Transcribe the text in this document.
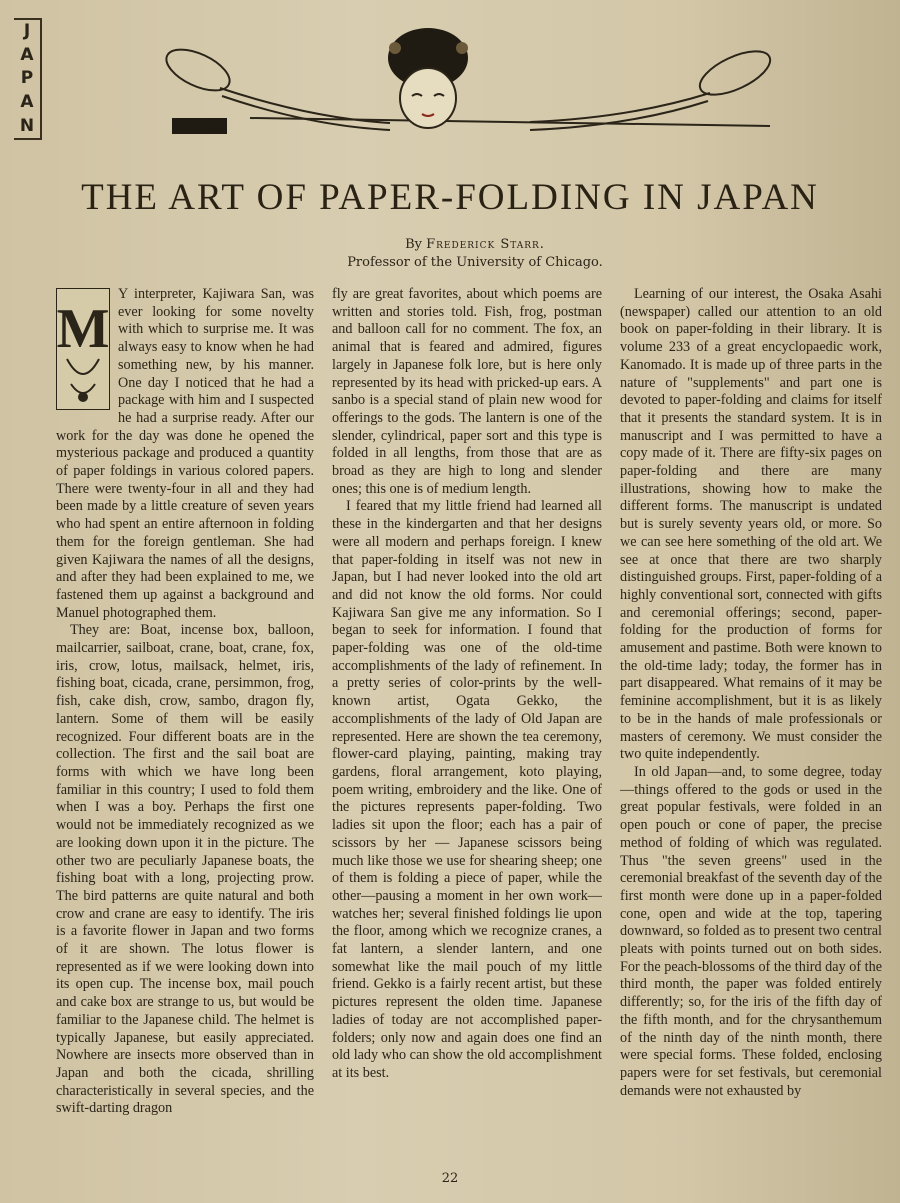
J
A
P
A
N
THE ART OF PAPER-FOLDING IN JAPAN
By Frederick Starr.
Professor of the University of Chicago.
M

Y interpreter, Kajiwara San, was ever looking for some novelty with which to surprise me. It was always easy to know when he had something new, by his manner. One day I noticed that he had a package with him and I suspected he had a surprise ready. After our work for the day was done he opened the mysterious package and produced a quantity of paper foldings in various colored papers. There were twenty-four in all and they had been made by a little creature of seven years who had spent an entire afternoon in folding them for the foreign gentleman. She had given Kajiwara the names of all the designs, and after they had been explained to me, we fastened them up against a background and Manuel photographed them.

They are: Boat, incense box, balloon, mailcarrier, sailboat, crane, boat, crane, fox, iris, crow, lotus, mailsack, helmet, iris, fishing boat, cicada, crane, persimmon, frog, fish, cake dish, crow, sambo, dragon fly, lantern. Some of them will be easily recognized. Four different boats are in the collection. The first and the sail boat are forms with which we have long been familiar in this country; I used to fold them when I was a boy. Perhaps the first one would not be immediately recognized as we are looking down upon it in the picture. The other two are peculiarly Japanese boats, the fishing boat with a long, projecting prow. The bird patterns are quite natural and both crow and crane are easy to identify. The iris is a favorite flower in Japan and two forms of it are shown. The lotus flower is represented as if we were looking down into its open cup. The incense box, mail pouch and cake box are strange to us, but would be familiar to the Japanese child. The helmet is typically Japanese, but easily appreciated. Nowhere are insects more observed than in Japan and both the cicada, shrilling characteristically in several species, and the swift-darting dragon

fly are great favorites, about which poems are written and stories told. Fish, frog, postman and balloon call for no comment. The fox, an animal that is feared and admired, figures largely in Japanese folk lore, but is here only represented by its head with pricked-up ears. A sanbo is a special stand of plain new wood for offerings to the gods. The lantern is one of the slender, cylindrical, paper sort and this type is folded in all lengths, from those that are as broad as they are high to long and slender ones; this one is of medium length.

I feared that my little friend had learned all these in the kindergarten and that her designs were all modern and perhaps foreign. I knew that paper-folding in itself was not new in Japan, but I had never looked into the old art and did not know the old forms. Nor could Kajiwara San give me any information. So I began to seek for information. I found that paper-folding was one of the old-time accomplishments of the lady of refinement. In a pretty series of color-prints by the well-known artist, Ogata Gekko, the accomplishments of the lady of Old Japan are represented. Here are shown the tea ceremony, flower-card playing, painting, making tray gardens, floral arrangement, koto playing, poem writing, embroidery and the like. One of the pictures represents paper-folding. Two ladies sit upon the floor; each has a pair of scissors by her — Japanese scissors being much like those we use for shearing sheep; one of them is folding a piece of paper, while the other—pausing a moment in her own work—watches her; several finished foldings lie upon the floor, among which we recognize cranes, a fat lantern, a slender lantern, and one somewhat like the mail pouch of my little friend. Gekko is a fairly recent artist, but these pictures represent the olden time. Japanese ladies of today are not accomplished paper-folders; only now and again does one find an old lady who can show the old accomplishment at its best.

Learning of our interest, the Osaka Asahi (newspaper) called our attention to an old book on paper-folding in their library. It is volume 233 of a great encyclopaedic work, Kanomado. It is made up of three parts in the nature of "supplements" and part one is devoted to paper-folding and claims for itself that it presents the standard system. It is in manuscript and I was permitted to have a copy made of it. There are fifty-six pages on paper-folding and there are many illustrations, showing how to make the different forms. The manuscript is undated but is surely seventy years old, or more. So we can see here something of the old art. We see at once that there are two sharply distinguished groups. First, paper-folding of a highly conventional sort, connected with gifts and ceremonial offerings; second, paper-folding for the production of forms for amusement and pastime. Both were known to the old-time lady; today, the former has in part disappeared. What remains of it may be feminine accomplishment, but it is as likely to be in the hands of male professionals or masters of ceremony. We must consider the two quite independently.

In old Japan—and, to some degree, today—things offered to the gods or used in the great popular festivals, were folded in an open pouch or cone of paper, the precise method of folding of which was regulated. Thus "the seven greens" used in the ceremonial breakfast of the seventh day of the first month were done up in a paper-folded cone, open and wide at the top, tapering downward, so folded as to present two central pleats with points turned out on both sides. For the peach-blossoms of the third day of the third month, the paper was folded entirely differently; so, for the iris of the fifth day of the fifth month, and for the chrysanthemum of the ninth day of the ninth month, there were special forms. These folded, enclosing papers were for set festivals, but ceremonial demands were not exhausted by

22
